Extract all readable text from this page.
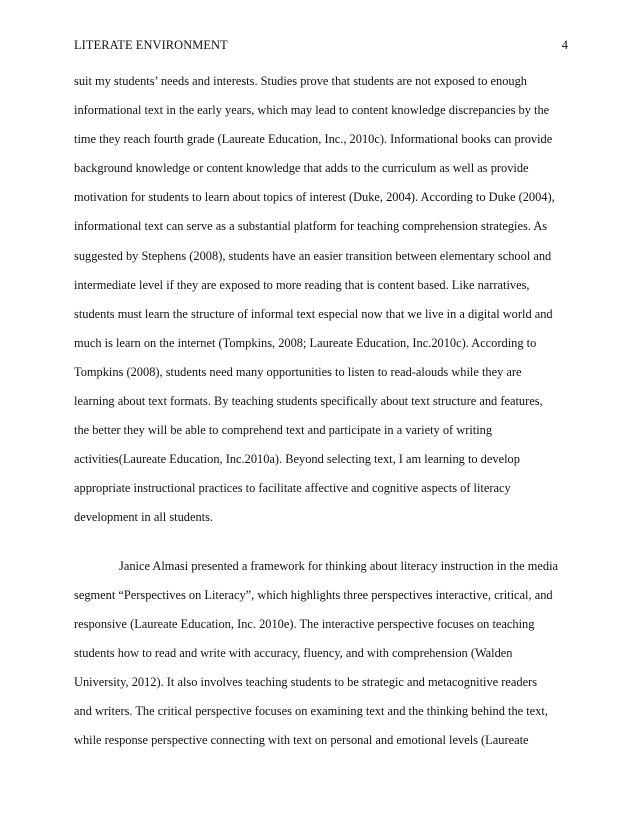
LITERATE ENVIRONMENT	4
suit my students’ needs and interests. Studies prove that students are not exposed to enough
informational text in the early years, which may lead to content knowledge discrepancies by the
time they reach fourth grade (Laureate Education, Inc., 2010c). Informational books can provide
background knowledge or content knowledge that adds to the curriculum as well as provide
motivation for students to learn about topics of interest (Duke, 2004). According to Duke (2004),
informational text can serve as a substantial platform for teaching comprehension strategies. As
suggested by Stephens (2008), students have an easier transition between elementary school and
intermediate level if they are exposed to more reading that is content based. Like narratives,
students must learn the structure of informal text especial now that we live in a digital world and
much is learn on the internet (Tompkins, 2008; Laureate Education, Inc.2010c). According to
Tompkins (2008), students need many opportunities to listen to read-alouds while they are
learning about text formats. By teaching students specifically about text structure and features,
the better they will be able to comprehend text and participate in a variety of writing
activities(Laureate Education, Inc.2010a). Beyond selecting text, I am learning to develop
appropriate instructional practices to facilitate affective and cognitive aspects of literacy
development in all students.
Janice Almasi presented a framework for thinking about literacy instruction in the media
segment “Perspectives on Literacy”, which highlights three perspectives interactive, critical, and
responsive (Laureate Education, Inc. 2010e). The interactive perspective focuses on teaching
students how to read and write with accuracy, fluency, and with comprehension (Walden
University, 2012). It also involves teaching students to be strategic and metacognitive readers
and writers. The critical perspective focuses on examining text and the thinking behind the text,
while response perspective connecting with text on personal and emotional levels (Laureate
